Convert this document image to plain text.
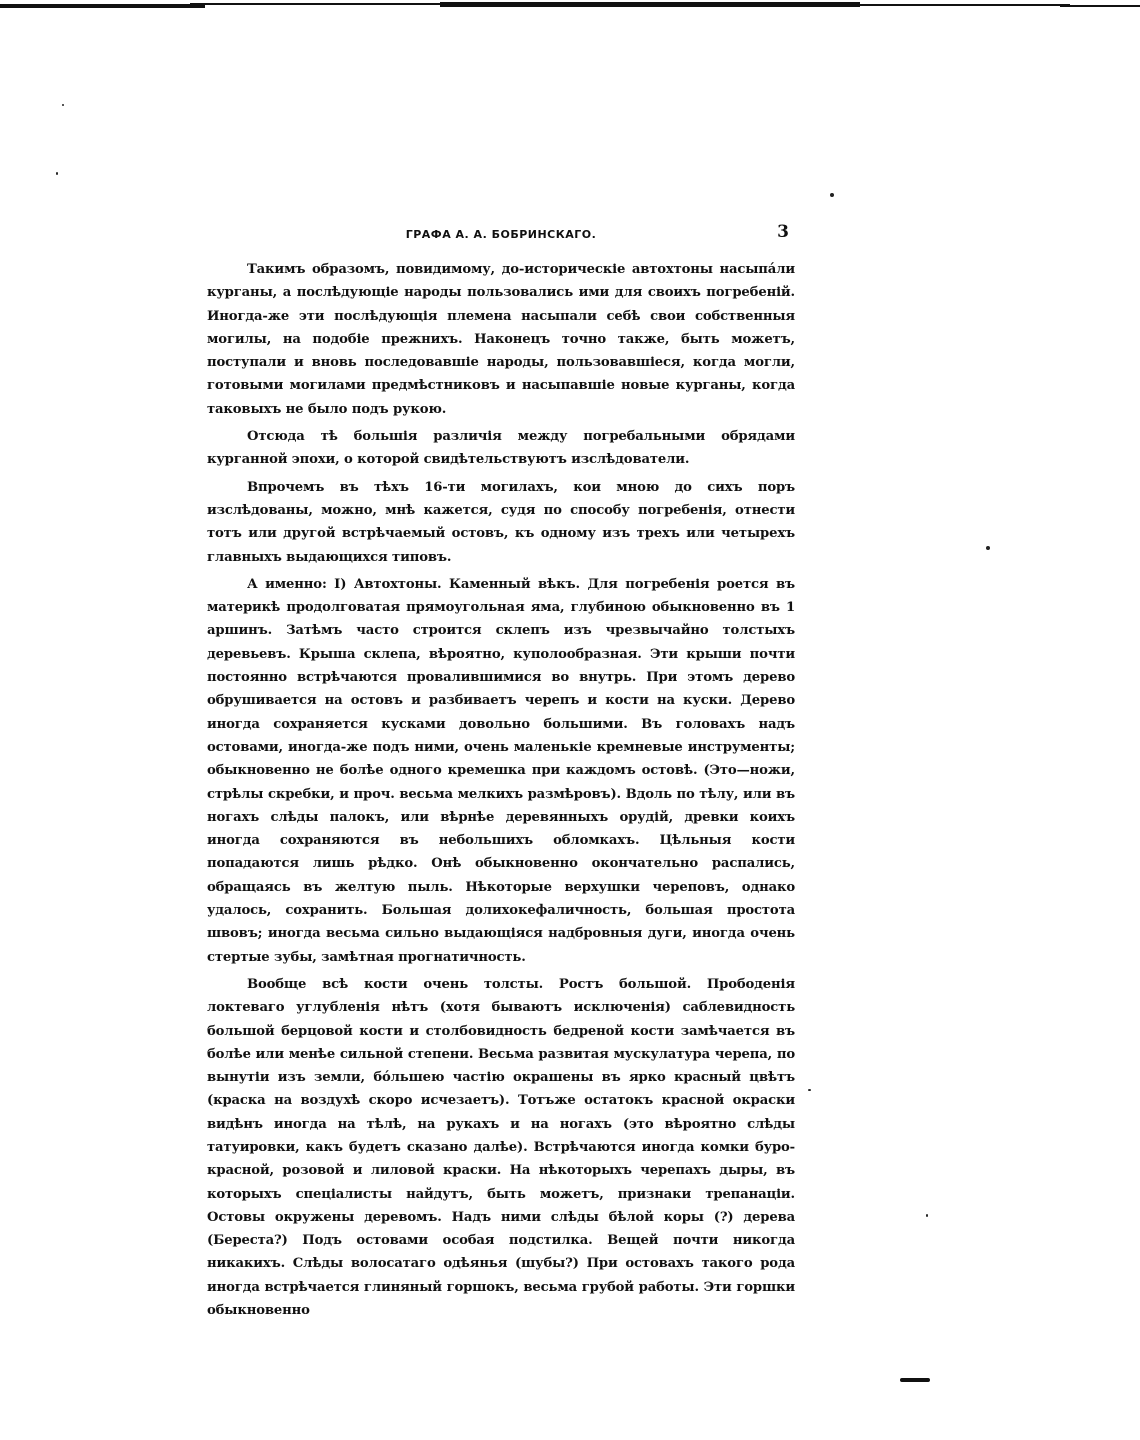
ГРАФА А. А. БОБРИНСКАГО.	3

Такимъ образомъ, повидимому, до-историческіе автохтоны насыпáли курганы, а послѣдующіе народы пользовались ими для своихъ погребеній. Иногда-же эти послѣдующія племена насыпали себѣ свои собственныя могилы, на подобіе прежнихъ. Наконецъ точно также, быть можетъ, поступали и вновь последовавшіе народы, пользовавшіеся, когда могли, готовыми могилами предмѣстниковъ и насыпавшіе новые курганы, когда таковыхъ не было подъ рукою.

Отсюда тѣ большія различія между погребальными обрядами курганной эпохи, о которой свидѣтельствуютъ изслѣдователи.

Впрочемъ въ тѣхъ 16-ти могилахъ, кои мною до сихъ поръ изслѣдованы, можно, мнѣ кажется, судя по способу погребенія, отнести тотъ или другой встрѣчаемый остовъ, къ одному изъ трехъ или четырехъ главныхъ выдающихся типовъ.

А именно: I) Автохтоны. Каменный вѣкъ. Для погребенія роется въ материкѣ продолговатая прямоугольная яма, глубиною обыкновенно въ 1 аршинъ. Затѣмъ часто строится склепъ изъ чрезвычайно толстыхъ деревьевъ. Крыша склепа, вѣроятно, куполообразная. Эти крыши почти постоянно встрѣчаются провалившимися во внутрь. При этомъ дерево обрушивается на остовъ и разбиваетъ черепъ и кости на куски. Дерево иногда сохраняется кусками довольно большими. Въ головахъ надъ остовами, иногда-же подъ ними, очень маленькіе кремневые инструменты; обыкновенно не болѣе одного кремешка при каждомъ остовѣ. (Это—ножи, стрѣлы скребки, и проч. весьма мелкихъ размѣровъ). Вдоль по тѣлу, или въ ногахъ слѣды палокъ, или вѣрнѣе деревянныхъ орудій, древки коихъ иногда сохраняются въ небольшихъ обломкахъ. Цѣльныя кости попадаются лишь рѣдко. Онѣ обыкновенно окончательно распались, обращаясь въ желтую пыль. Нѣкоторые верхушки череповъ, однако удалось, сохранить. Большая долихокефаличность, большая простота швовъ; иногда весьма сильно выдающіяся надбровныя дуги, иногда очень стертые зубы, замѣтная прогнатичность.

Вообще всѣ кости очень толсты. Ростъ большой. Прободенія локтеваго углубленія нѣтъ (хотя бываютъ исключенія) саблевидность большой берцовой кости и столбовидность бедреной кости замѣчается въ болѣе или менѣе сильной степени. Весьма развитая мускулатура черепа, по вынутіи изъ земли, бóльшею частію окрашены въ ярко красный цвѣтъ (краска на воздухѣ скоро исчезаетъ). Тотъже остатокъ красной окраски видѣнъ иногда на тѣлѣ, на рукахъ и на ногахъ (это вѣроятно слѣды татуировки, какъ будетъ сказано далѣе). Встрѣчаются иногда комки буро-красной, розовой и лиловой краски. На нѣкоторыхъ черепахъ дыры, въ которыхъ спеціалисты найдутъ, быть можетъ, признаки трепанаціи. Остовы окружены деревомъ. Надъ ними слѣды бѣлой коры (?) дерева (Береста?) Подъ остовами особая подстилка. Вещей почти никогда никакихъ. Слѣды волосатаго одѣянья (шубы?) При остовахъ такого рода иногда встрѣчается глиняный горшокъ, весьма грубой работы. Эти горшки обыкновенно
